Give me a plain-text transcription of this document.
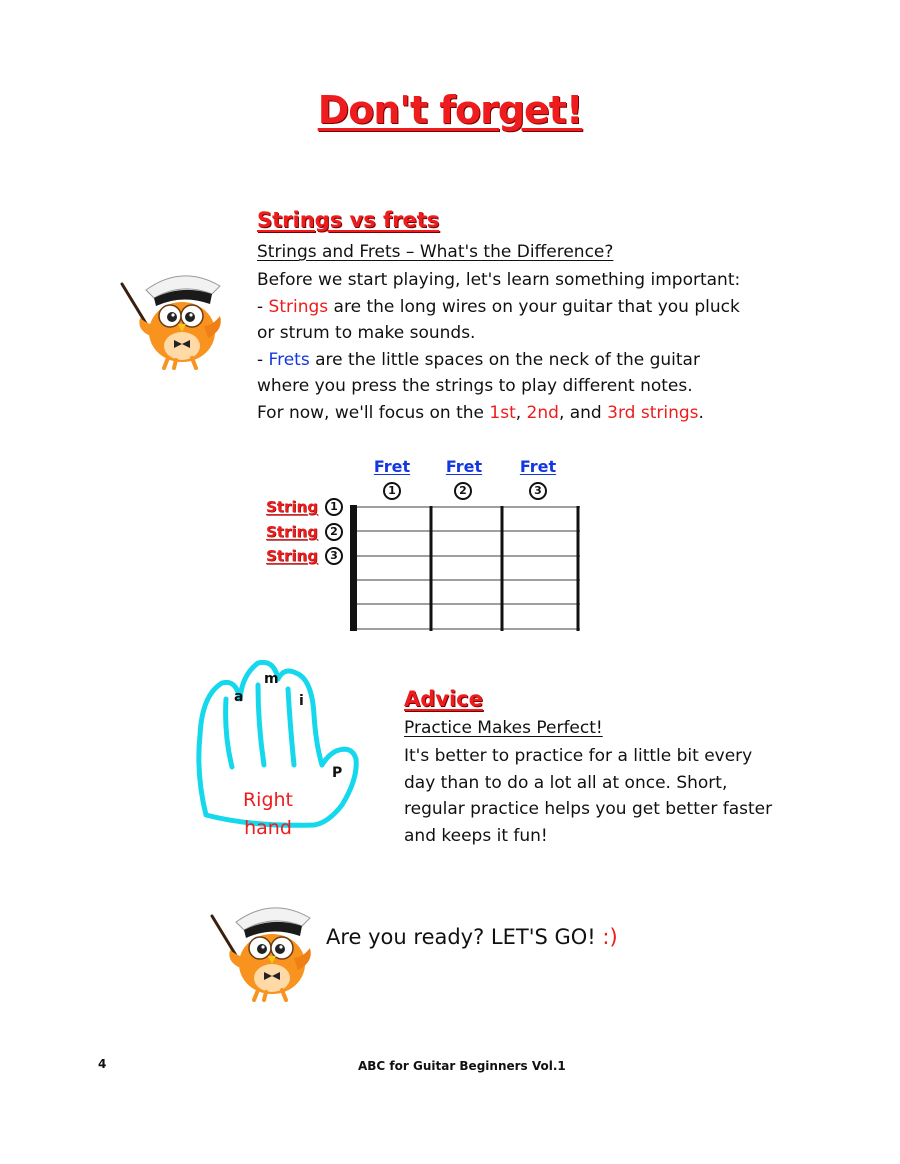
Don't forget!
Strings vs frets
Strings and Frets – What's the Difference?
Before we start playing, let's learn something important:
- Strings are the long wires on your guitar that you pluck
or strum to make sounds.
- Frets are the little spaces on the neck of the guitar
where you press the strings to play different notes.
For now, we'll focus on the 1st, 2nd, and 3rd strings.
Fret	Fret	Fret
1	2	3
String
String
String
1
2
3
a
m
i
P
Right
hand
Advice
Practice Makes Perfect!
It's better to practice for a little bit every
day than to do a lot all at once. Short,
regular practice helps you get better faster
and keeps it fun!
Are you ready? LET'S GO! :)
4	ABC for Guitar Beginners Vol.1
